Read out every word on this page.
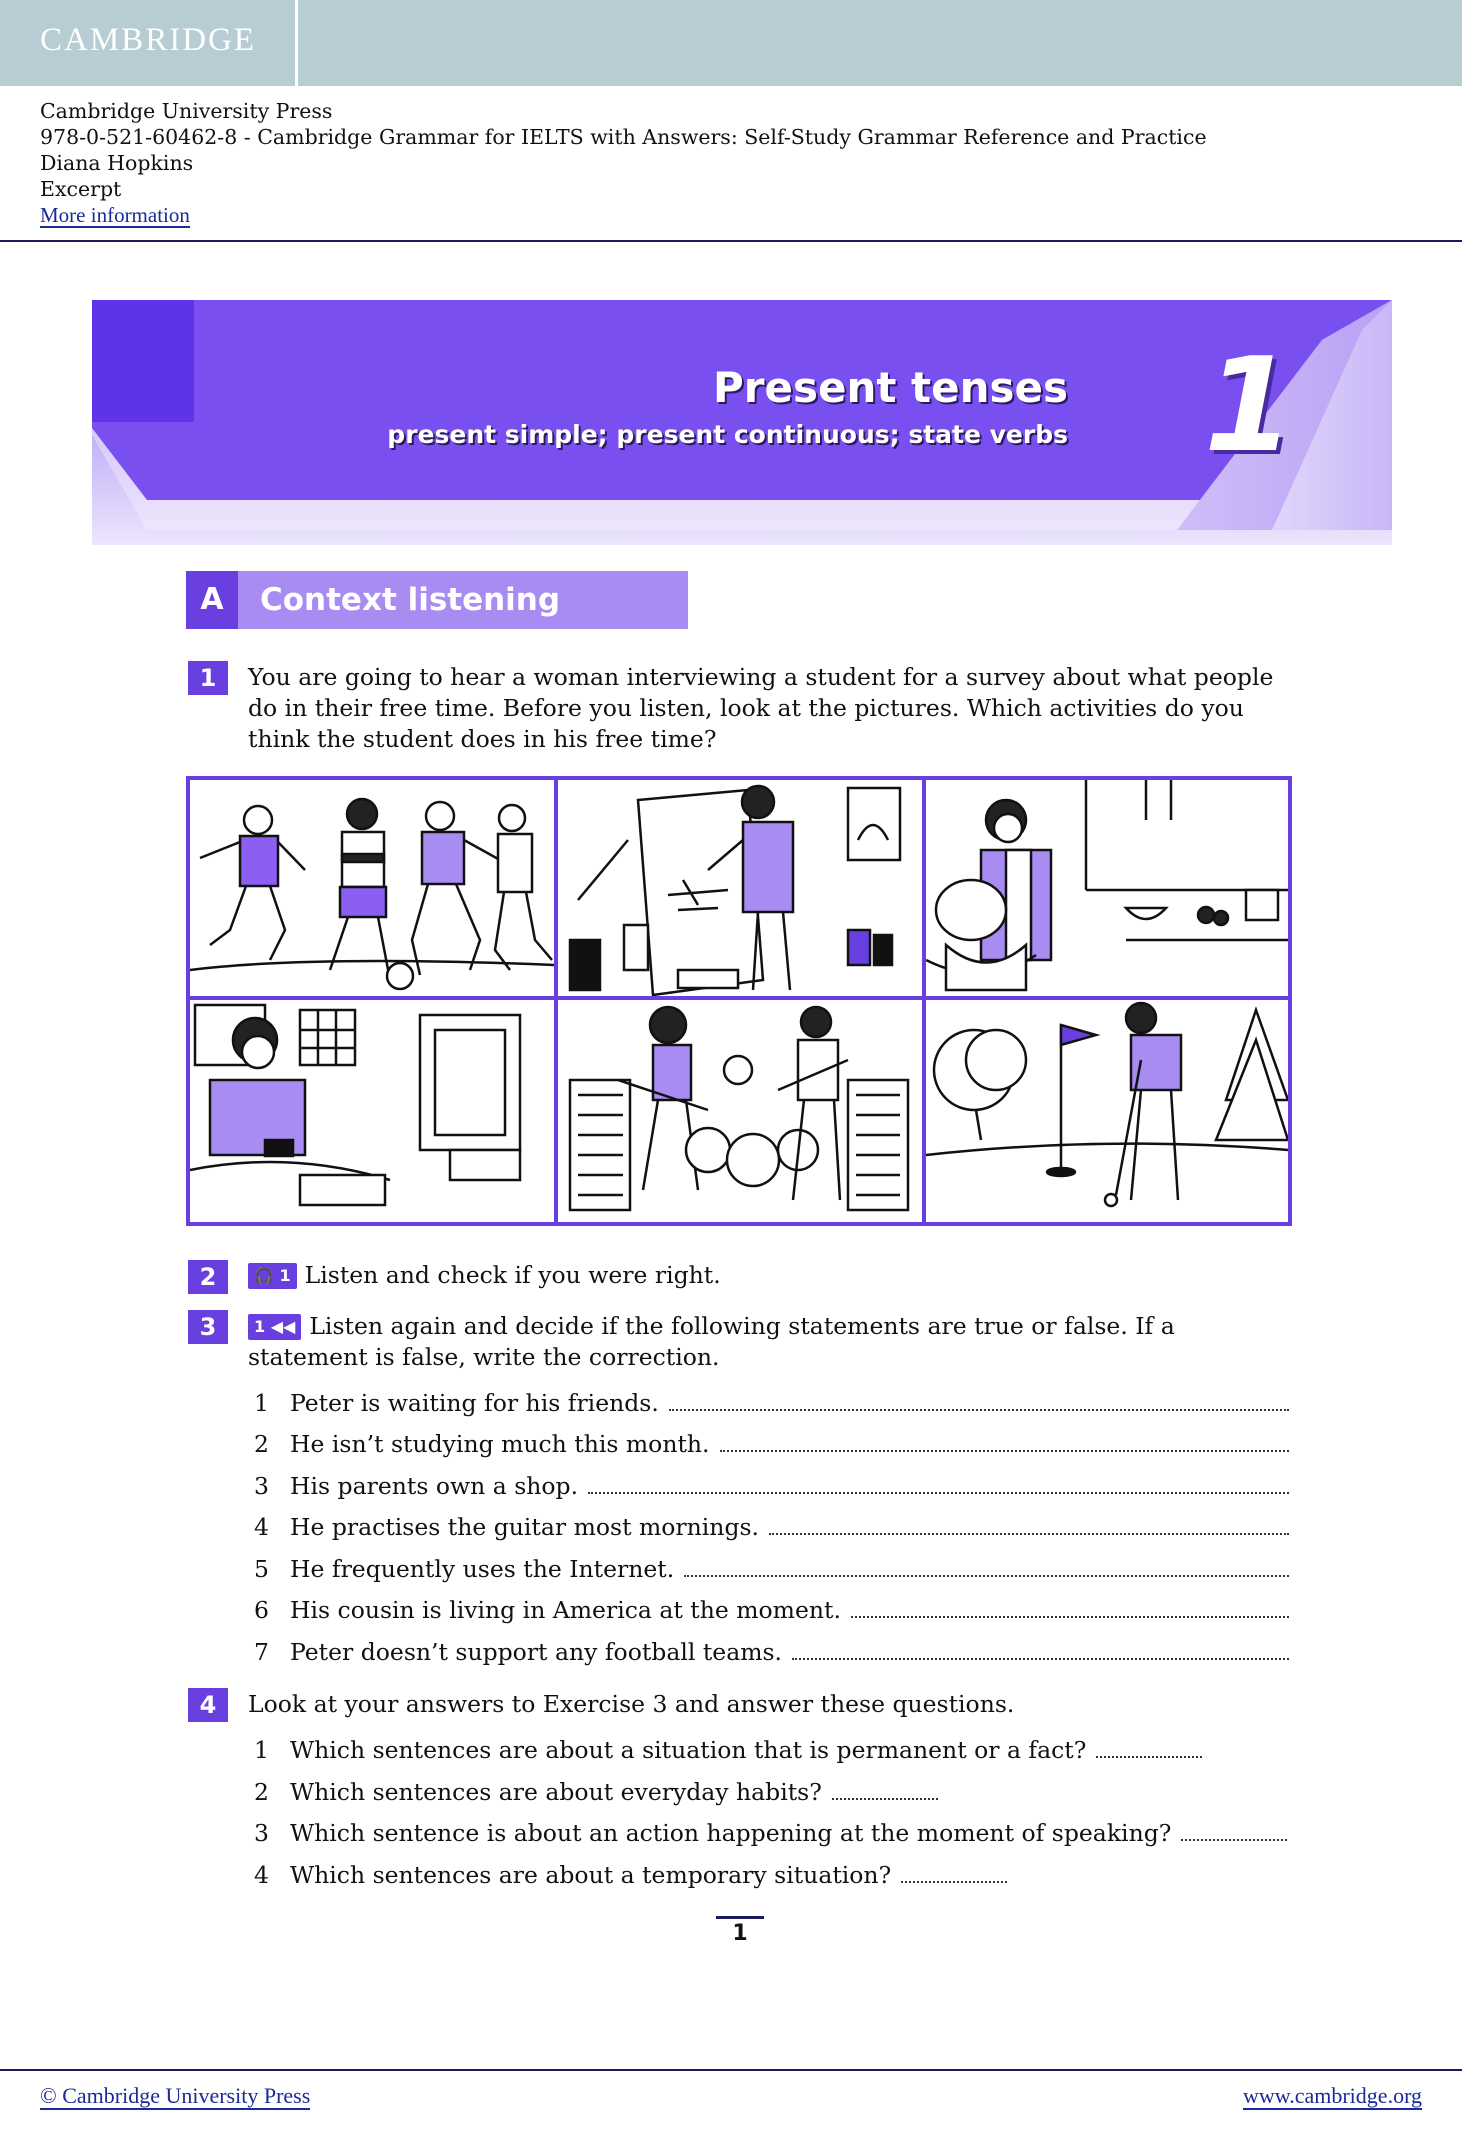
CAMBRIDGE
Cambridge University Press
978-0-521-60462-8 - Cambridge Grammar for IELTS with Answers: Self-Study Grammar Reference and Practice
Diana Hopkins
Excerpt
More information
Present tenses
present simple; present continuous; state verbs 1
A	Context listening
1	You are going to hear a woman interviewing a student for a survey about what people do in their free time. Before you listen, look at the pictures. Which activities do you think the student does in his free time?
2	🎧 1 Listen and check if you were right.
3	1 ◀◀ Listen again and decide if the following statements are true or false. If a statement is false, write the correction.
1 Peter is waiting for his friends.
2 He isn’t studying much this month.
3 His parents own a shop.
4 He practises the guitar most mornings.
5 He frequently uses the Internet.
6 His cousin is living in America at the moment.
7 Peter doesn’t support any football teams.
4	Look at your answers to Exercise 3 and answer these questions.
1 Which sentences are about a situation that is permanent or a fact?
2 Which sentences are about everyday habits?
3 Which sentence is about an action happening at the moment of speaking?
4 Which sentences are about a temporary situation?
1
© Cambridge University Press	www.cambridge.org
